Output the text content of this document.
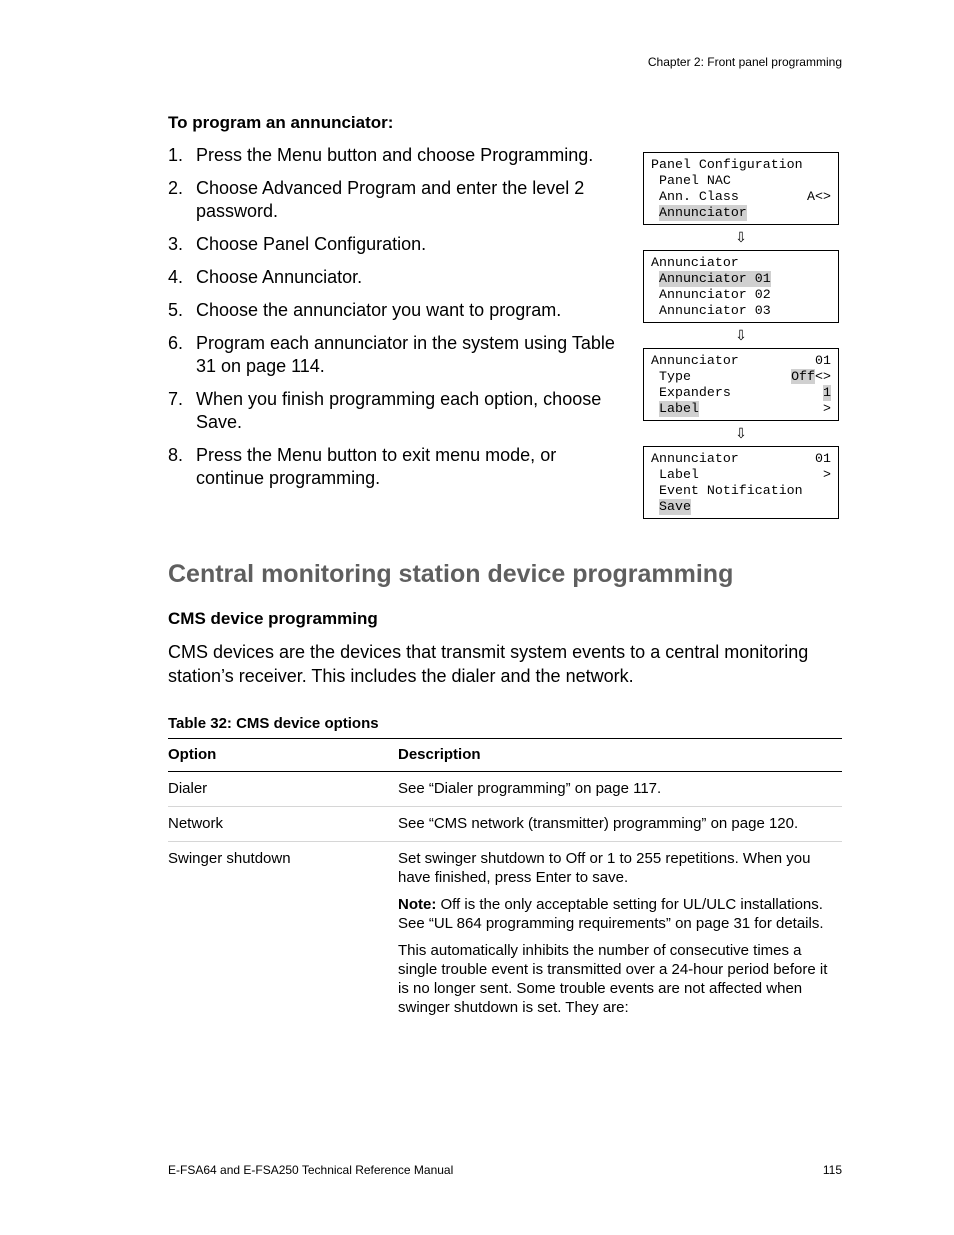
Chapter 2: Front panel programming
To program an annunciator:
1. Press the Menu button and choose Programming.
2. Choose Advanced Program and enter the level 2 password.
3. Choose Panel Configuration.
4. Choose Annunciator.
5. Choose the annunciator you want to program.
6. Program each annunciator in the system using Table 31 on page 114.
7. When you finish programming each option, choose Save.
8. Press the Menu button to exit menu mode, or continue programming.
Panel Configuration
Panel NAC
Ann. Class	A<>
Annunciator
⇩
Annunciator
Annunciator 01
Annunciator 02
Annunciator 03
⇩
Annunciator	01
Type	Off<>
Expanders	1
Label	>
⇩
Annunciator	01
Label	>
Event Notification
Save
Central monitoring station device programming
CMS device programming
CMS devices are the devices that transmit system events to a central monitoring station’s receiver. This includes the dialer and the network.
Table 32: CMS device options
Option	Description
Dialer	See “Dialer programming” on page 117.
Network	See “CMS network (transmitter) programming” on page 120.
Swinger shutdown	Set swinger shutdown to Off or 1 to 255 repetitions. When you have finished, press Enter to save.

Note: Off is the only acceptable setting for UL/ULC installations. See “UL 864 programming requirements” on page 31 for details.

This automatically inhibits the number of consecutive times a single trouble event is transmitted over a 24-hour period before it is no longer sent. Some trouble events are not affected when swinger shutdown is set. They are:

E-FSA64 and E-FSA250 Technical Reference Manual	115
